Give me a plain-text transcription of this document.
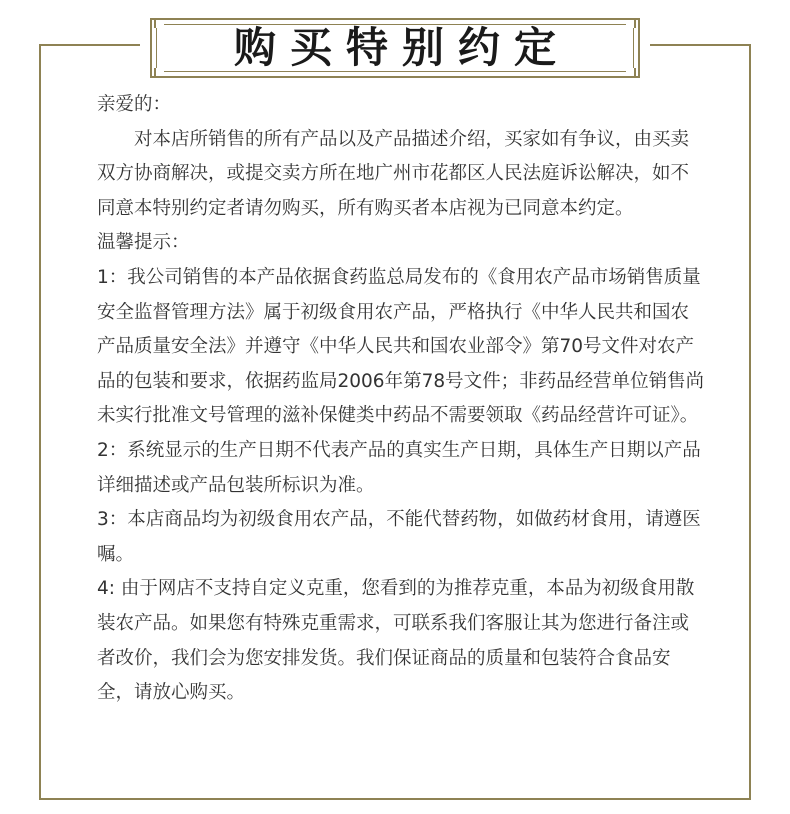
购买特别约定

亲爱的：

对本店所销售的所有产品以及产品描述介绍，买家如有争议，由买卖双方协商解决，或提交卖方所在地广州市花都区人民法庭诉讼解决，如不同意本特别约定者请勿购买，所有购买者本店视为已同意本约定。

温馨提示：

1：我公司销售的本产品依据食药监总局发布的《食用农产品市场销售质量安全监督管理方法》属于初级食用农产品，严格执行《中华人民共和国农产品质量安全法》并遵守《中华人民共和国农业部令》第70号文件对农产品的包装和要求，依据药监局2006年第78号文件；非药品经营单位销售尚未实行批准文号管理的滋补保健类中药品不需要领取《药品经营许可证》。

2：系统显示的生产日期不代表产品的真实生产日期，具体生产日期以产品详细描述或产品包装所标识为准。

3：本店商品均为初级食用农产品，不能代替药物，如做药材食用，请遵医嘱。

4: 由于网店不支持自定义克重，您看到的为推荐克重，本品为初级食用散装农产品。如果您有特殊克重需求，可联系我们客服让其为您进行备注或者改价，我们会为您安排发货。我们保证商品的质量和包装符合食品安全，请放心购买。
